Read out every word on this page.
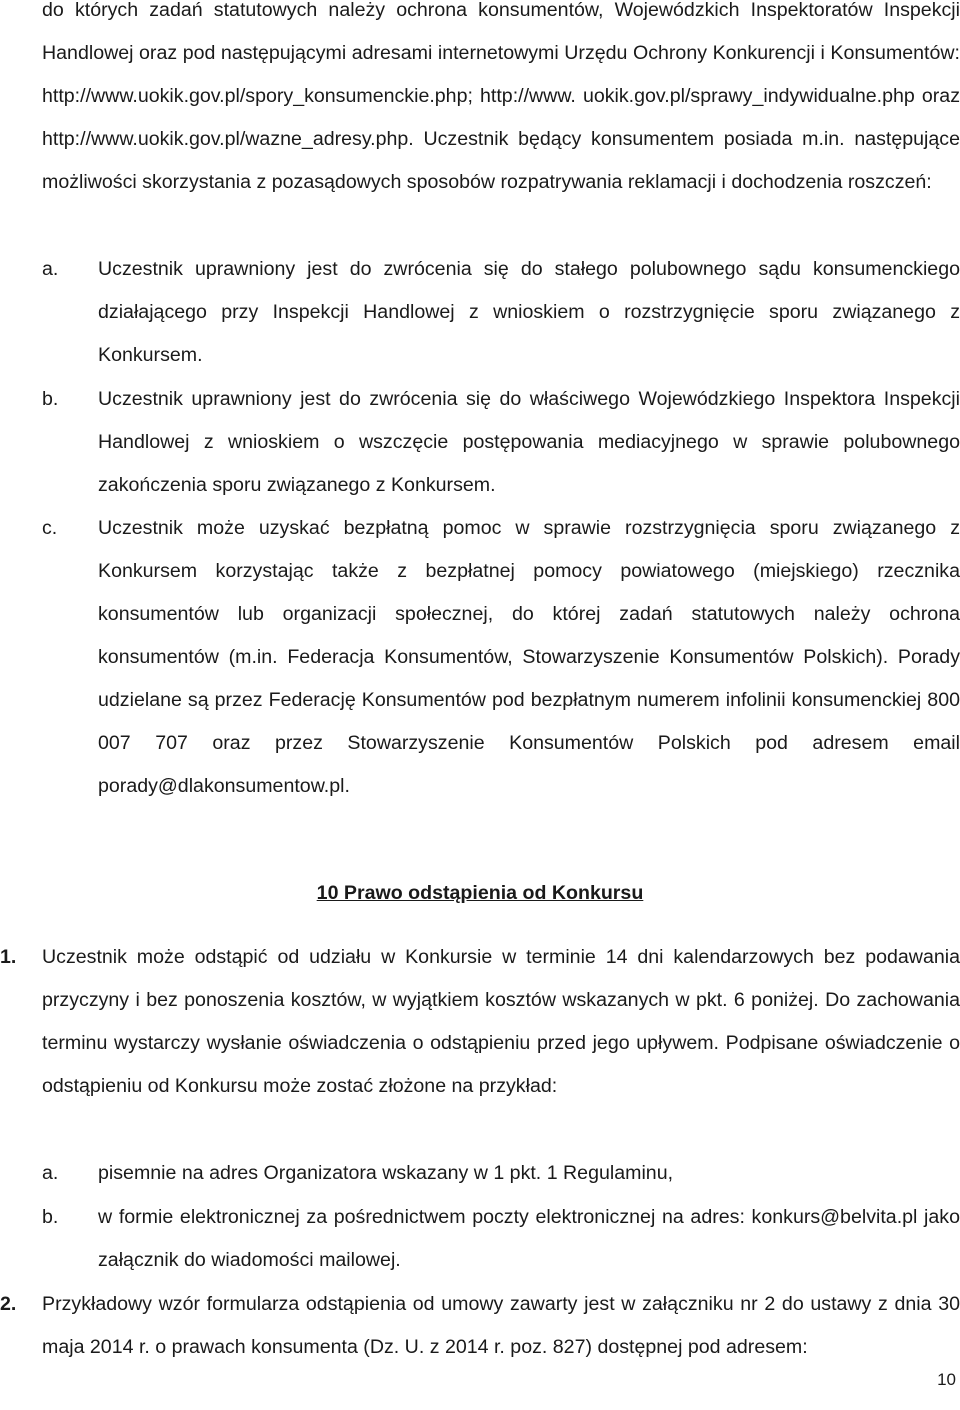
do których zadań statutowych należy ochrona konsumentów, Wojewódzkich Inspektoratów Inspekcji Handlowej oraz pod następującymi adresami internetowymi Urzędu Ochrony Konkurencji i Konsumentów: http://www.uokik.gov.pl/spory_konsumenckie.php; http://www. uokik.gov.pl/sprawy_indywidualne.php oraz http://www.uokik.gov.pl/wazne_adresy.php. Uczestnik będący konsumentem posiada m.in. następujące możliwości skorzystania z pozasądowych sposobów rozpatrywania reklamacji i dochodzenia roszczeń:

a.	Uczestnik uprawniony jest do zwrócenia się do stałego polubownego sądu konsumenckiego działającego przy Inspekcji Handlowej z wnioskiem o rozstrzygnięcie sporu związanego z Konkursem.
b.	Uczestnik uprawniony jest do zwrócenia się do właściwego Wojewódzkiego Inspektora Inspekcji Handlowej z wnioskiem o wszczęcie postępowania mediacyjnego w sprawie polubownego zakończenia sporu związanego z Konkursem.
c.	Uczestnik może uzyskać bezpłatną pomoc w sprawie rozstrzygnięcia sporu związanego z Konkursem korzystając także z bezpłatnej pomocy powiatowego (miejskiego) rzecznika konsumentów lub organizacji społecznej, do której zadań statutowych należy ochrona konsumentów (m.in. Federacja Konsumentów, Stowarzyszenie Konsumentów Polskich). Porady udzielane są przez Federację Konsumentów pod bezpłatnym numerem infolinii konsumenckiej 800 007 707 oraz przez Stowarzyszenie Konsumentów Polskich pod adresem email porady@dlakonsumentow.pl.
10 Prawo odstąpienia od Konkursu
1.	Uczestnik może odstąpić od udziału w Konkursie w terminie 14 dni kalendarzowych bez podawania przyczyny i bez ponoszenia kosztów, w wyjątkiem kosztów wskazanych w pkt. 6 poniżej. Do zachowania terminu wystarczy wysłanie oświadczenia o odstąpieniu przed jego upływem. Podpisane oświadczenie o odstąpieniu od Konkursu może zostać złożone na przykład:
a.	pisemnie na adres Organizatora wskazany w 1 pkt. 1 Regulaminu,
b.	w formie elektronicznej za pośrednictwem poczty elektronicznej na adres: konkurs@belvita.pl jako załącznik do wiadomości mailowej.
2.	Przykładowy wzór formularza odstąpienia od umowy zawarty jest w załączniku nr 2 do ustawy z dnia 30 maja 2014 r. o prawach konsumenta (Dz. U. z 2014 r. poz. 827) dostępnej pod adresem:
10
